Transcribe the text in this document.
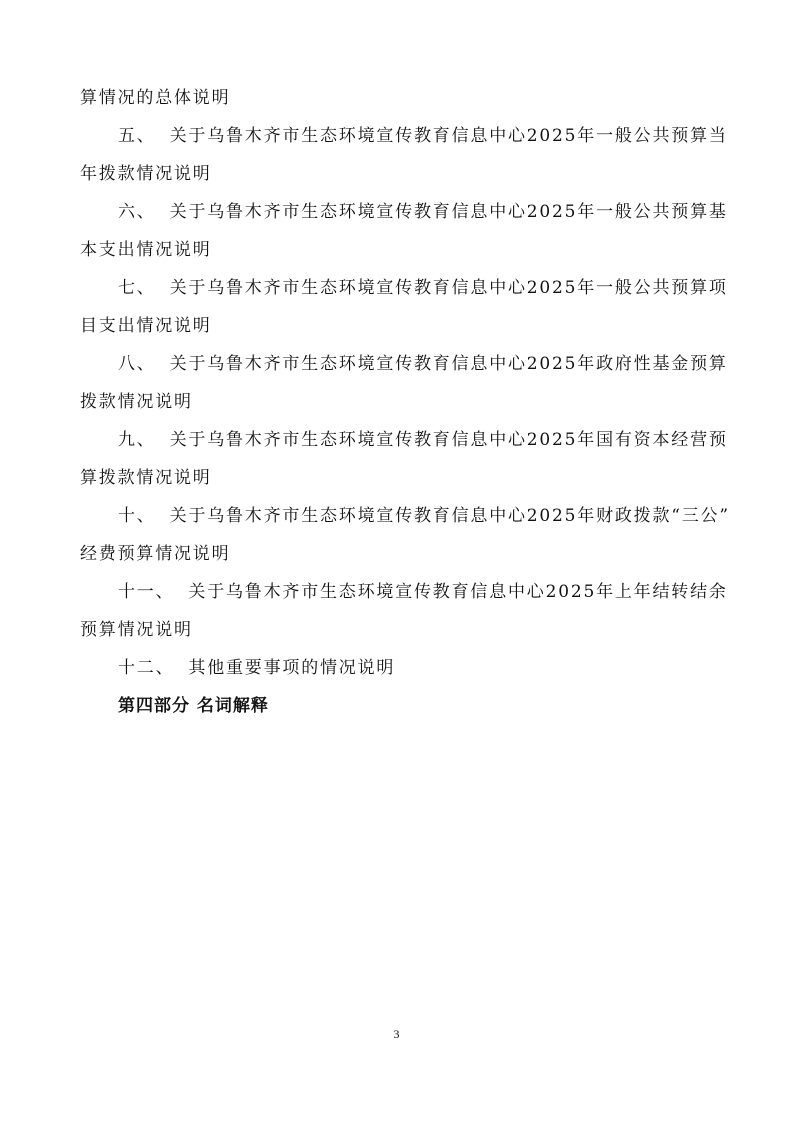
算情况的总体说明
五、 关于乌鲁木齐市生态环境宣传教育信息中心2025年一般公共预算当
年拨款情况说明
六、 关于乌鲁木齐市生态环境宣传教育信息中心2025年一般公共预算基
本支出情况说明
七、 关于乌鲁木齐市生态环境宣传教育信息中心2025年一般公共预算项
目支出情况说明
八、 关于乌鲁木齐市生态环境宣传教育信息中心2025年政府性基金预算
拨款情况说明
九、 关于乌鲁木齐市生态环境宣传教育信息中心2025年国有资本经营预
算拨款情况说明
十、 关于乌鲁木齐市生态环境宣传教育信息中心2025年财政拨款“三公”
经费预算情况说明
十一、 关于乌鲁木齐市生态环境宣传教育信息中心2025年上年结转结余
预算情况说明
十二、 其他重要事项的情况说明
第四部分 名词解释
3
